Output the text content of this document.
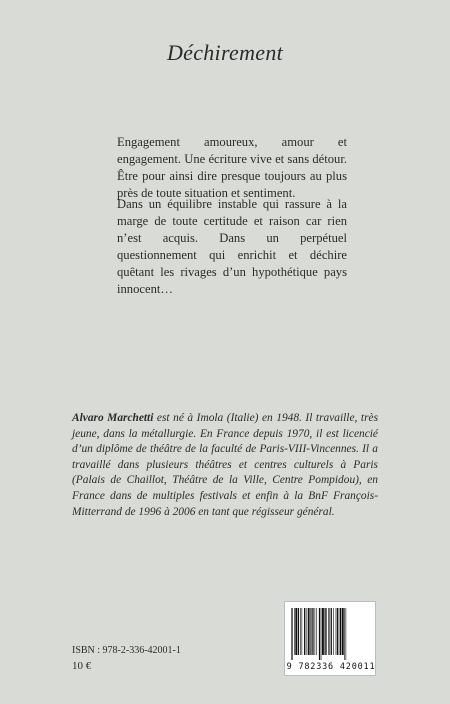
Déchirement

Engagement amoureux, amour et engagement. Une écriture vive et sans détour. Être pour ainsi dire presque toujours au plus près de toute situation et sentiment.

Dans un équilibre instable qui rassure à la marge de toute certitude et raison car rien n’est acquis. Dans un perpétuel questionnement qui enrichit et déchire quêtant les rivages d’un hypothétique pays innocent…

Alvaro Marchetti est né à Imola (Italie) en 1948. Il travaille, très jeune, dans la métallurgie. En France depuis 1970, il est licencié d’un diplôme de théâtre de la faculté de Paris-VIII-Vincennes. Il a travaillé dans plusieurs théâtres et centres culturels à Paris (Palais de Chaillot, Théâtre de la Ville, Centre Pompidou), en France dans de multiples festivals et enfin à la BnF François-Mitterrand de 1996 à 2006 en tant que régisseur général.

ISBN : 978-2-336-42001-1
10 €	9 782336 420011
